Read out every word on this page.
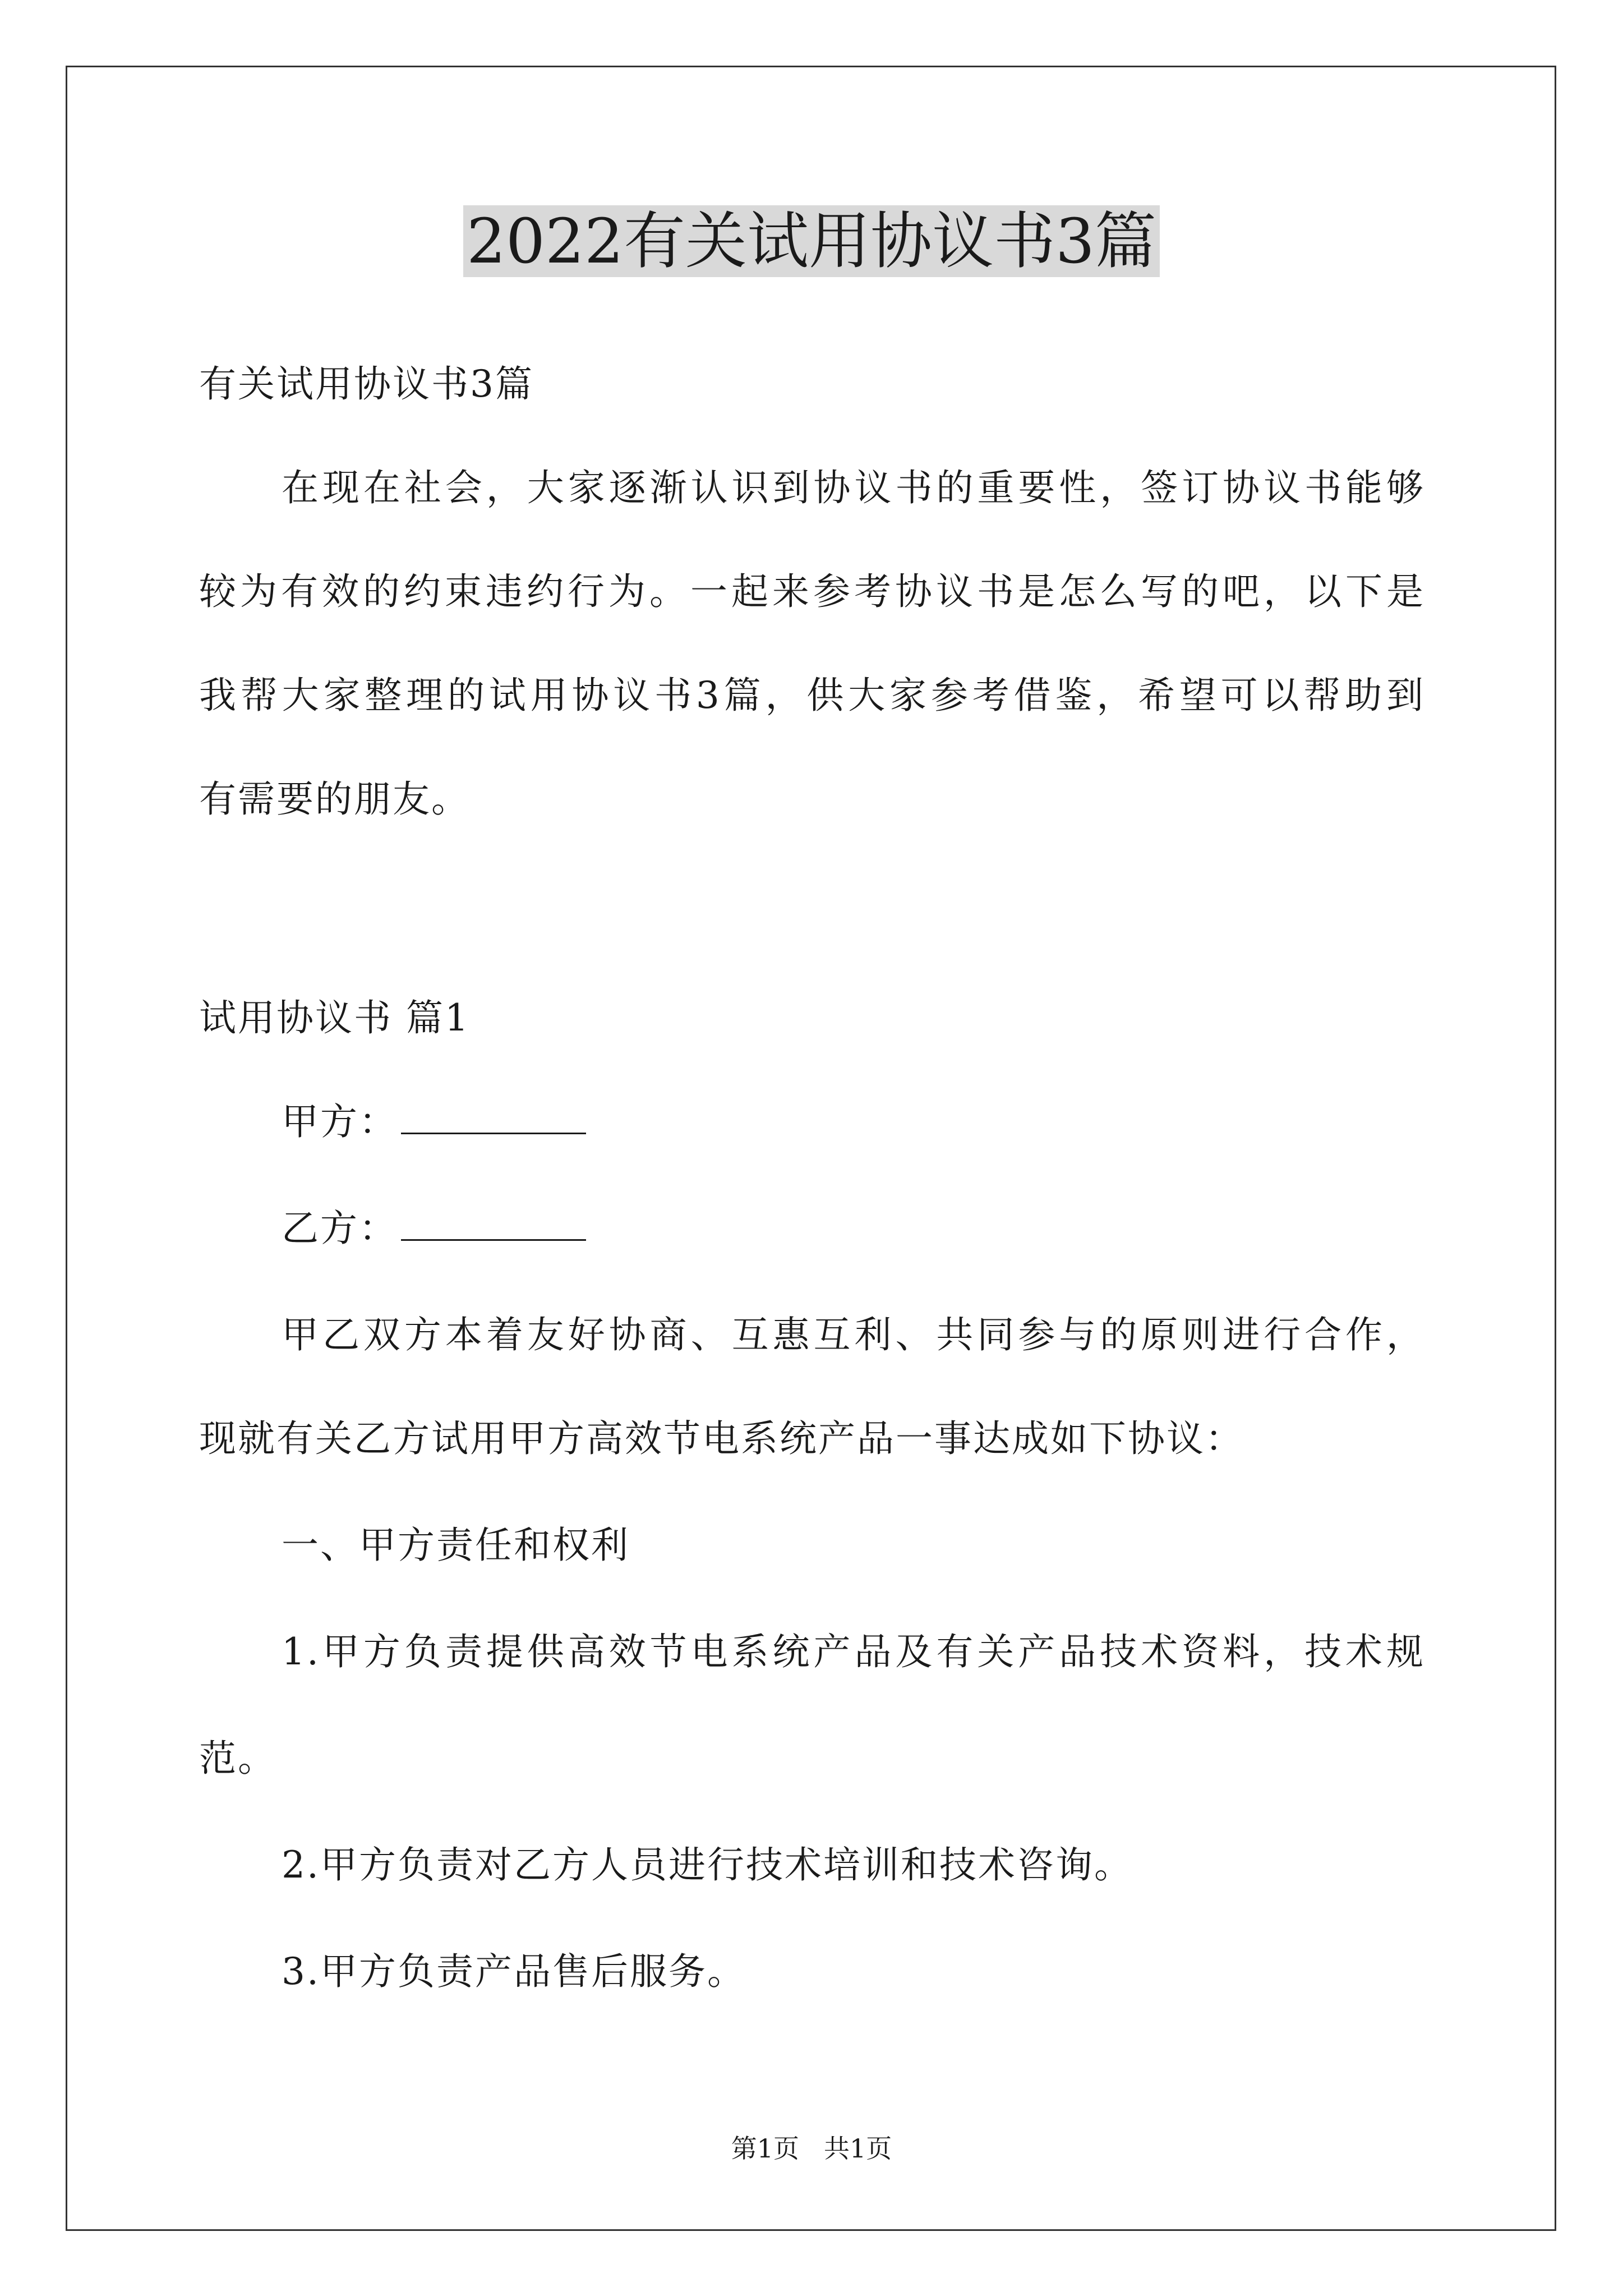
2022有关试用协议书3篇
有关试用协议书3篇
在现在社会，大家逐渐认识到协议书的重要性，签订协议书能够
较为有效的约束违约行为。一起来参考协议书是怎么写的吧，以下是
我帮大家整理的试用协议书3篇，供大家参考借鉴，希望可以帮助到
有需要的朋友。
试用协议书 篇1
甲方：
乙方：
甲乙双方本着友好协商、互惠互利、共同参与的原则进行合作，
现就有关乙方试用甲方高效节电系统产品一事达成如下协议：
一、甲方责任和权利
1.甲方负责提供高效节电系统产品及有关产品技术资料，技术规
范。
2.甲方负责对乙方人员进行技术培训和技术咨询。
3.甲方负责产品售后服务。
第1页 共1页
